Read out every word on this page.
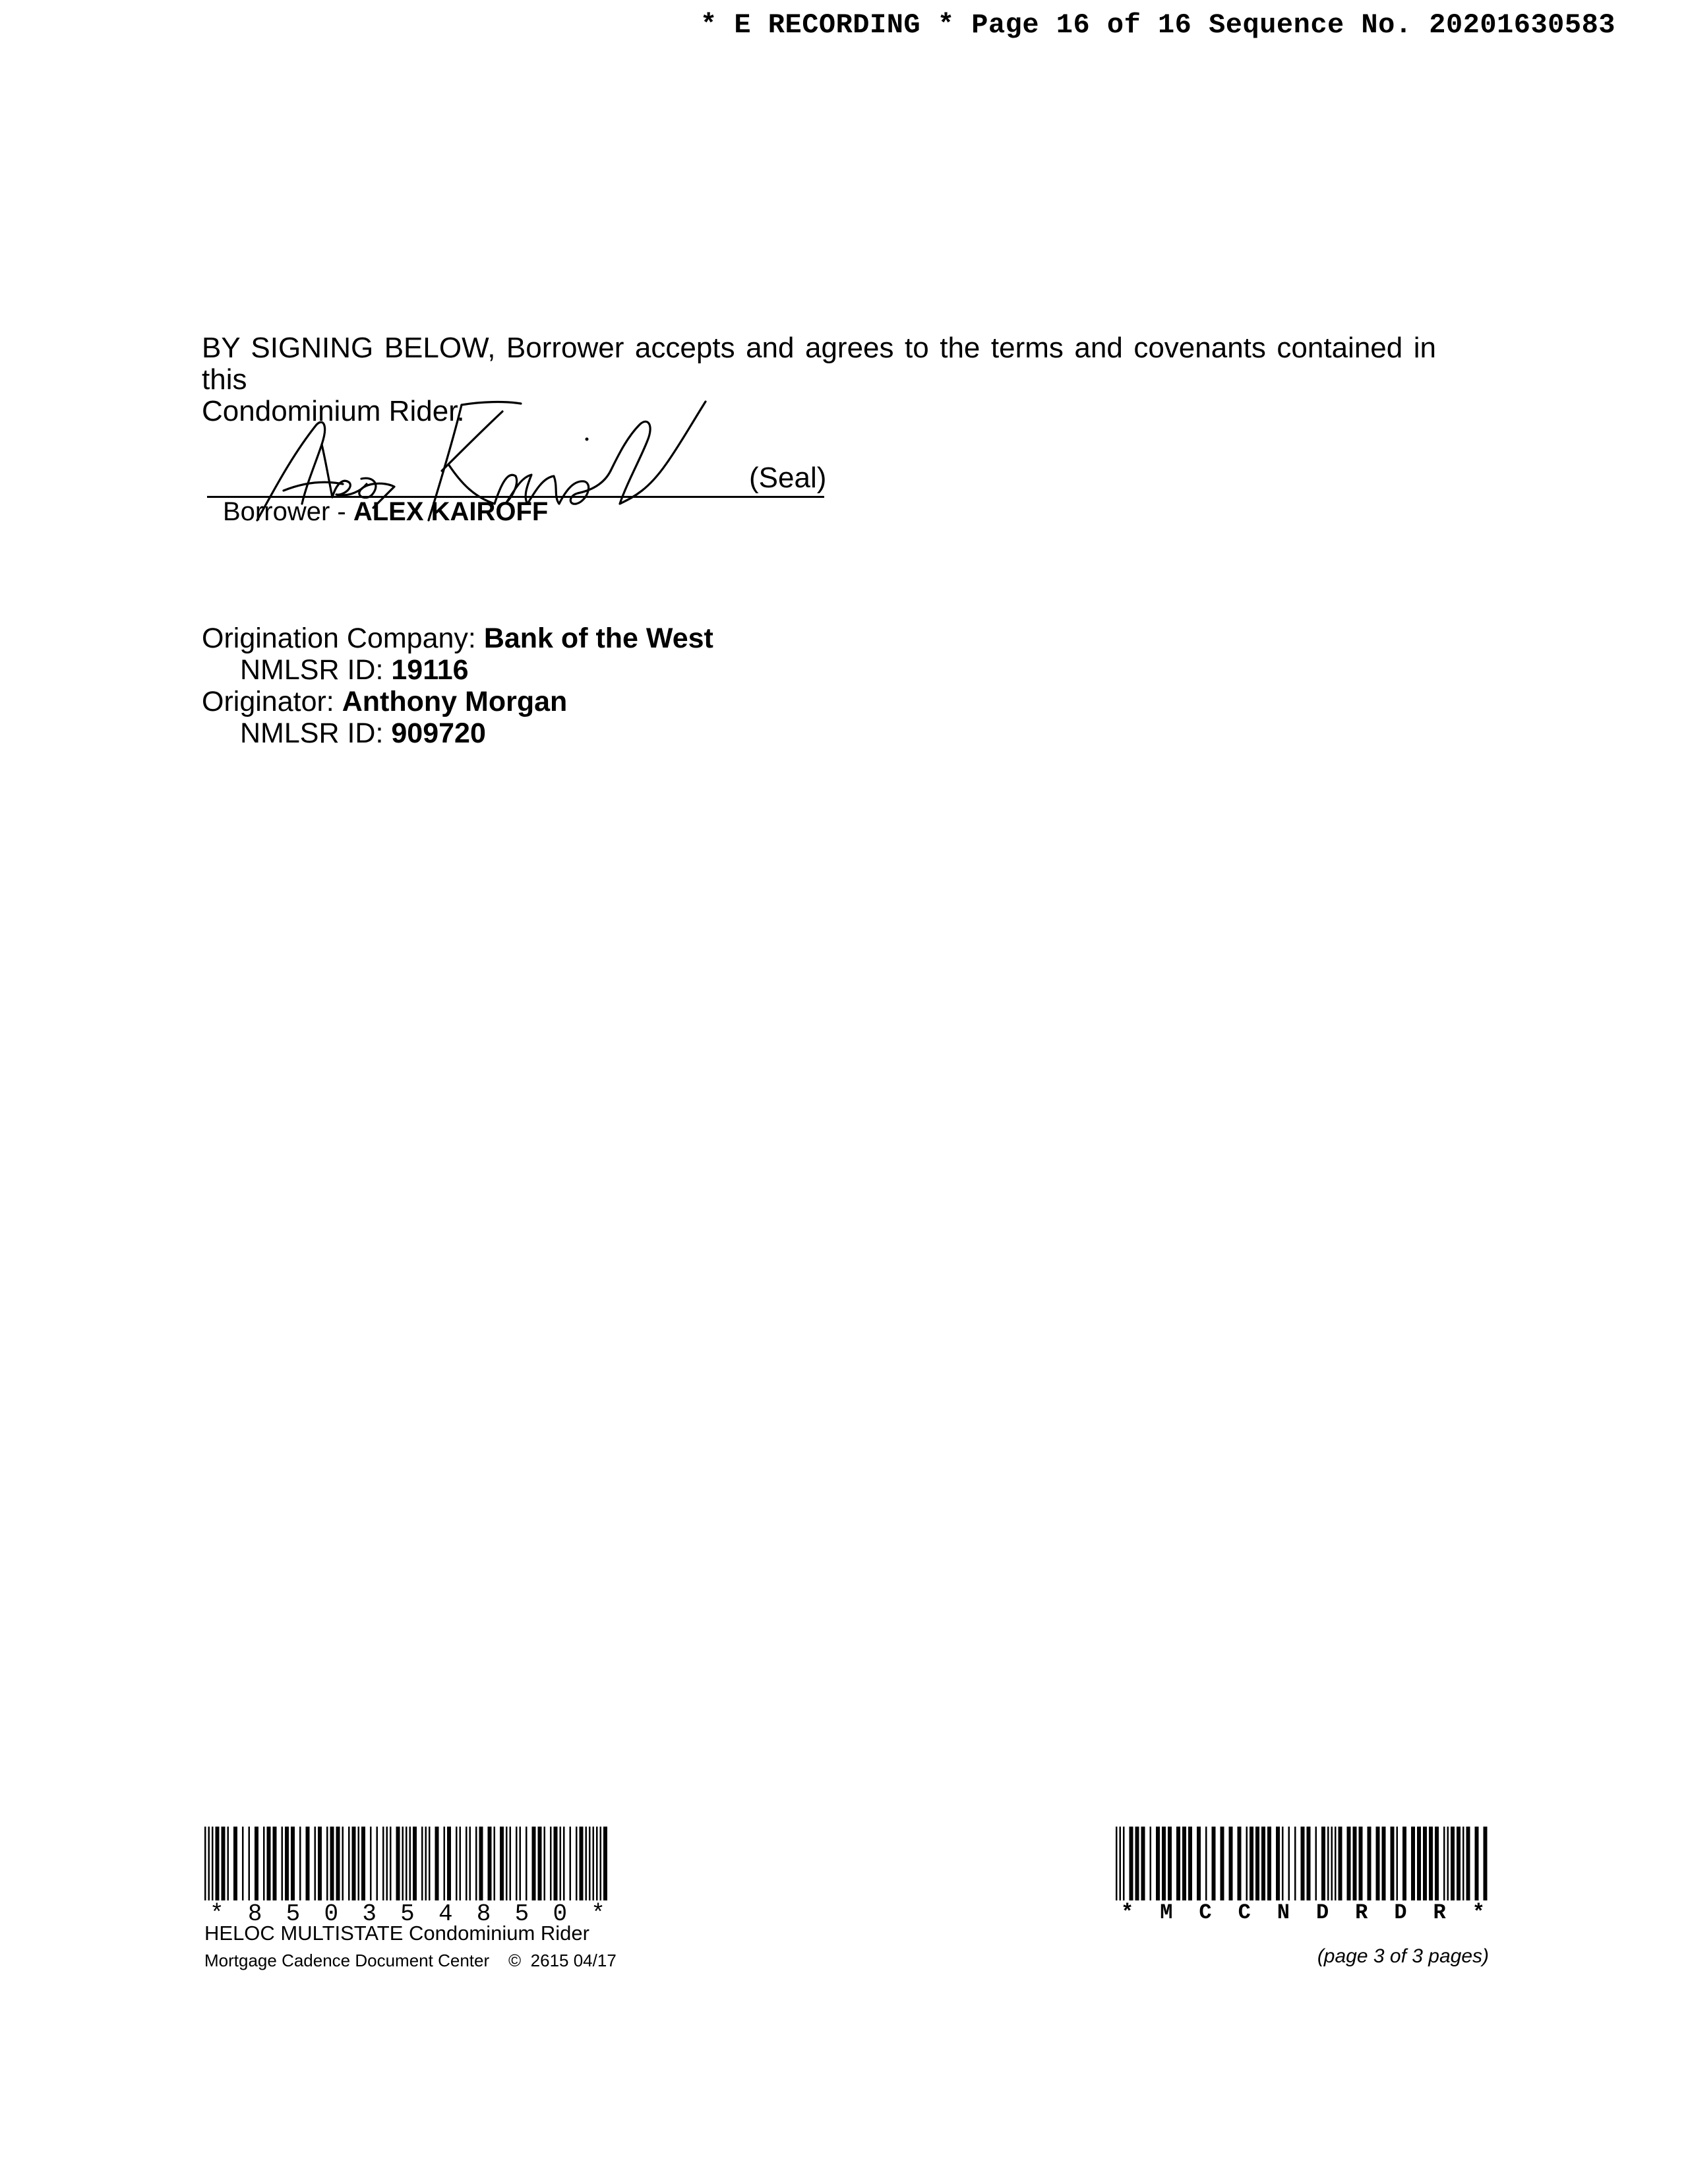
* E RECORDING * Page 16 of 16 Sequence No. 20201630583
BY SIGNING BELOW, Borrower accepts and agrees to the terms and covenants contained in this
Condominium Rider.
(Seal)
Borrower - ALEX KAIROFF
Origination Company: Bank of the West
NMLSR ID: 19116
Originator: Anthony Morgan
NMLSR ID: 909720
* 8 5 0 3 5 4 8 5 0 *	* M C C N D R D R *
HELOC MULTISTATE Condominium Rider
Mortgage Cadence Document Center © 2615 04/17	(page 3 of 3 pages)
